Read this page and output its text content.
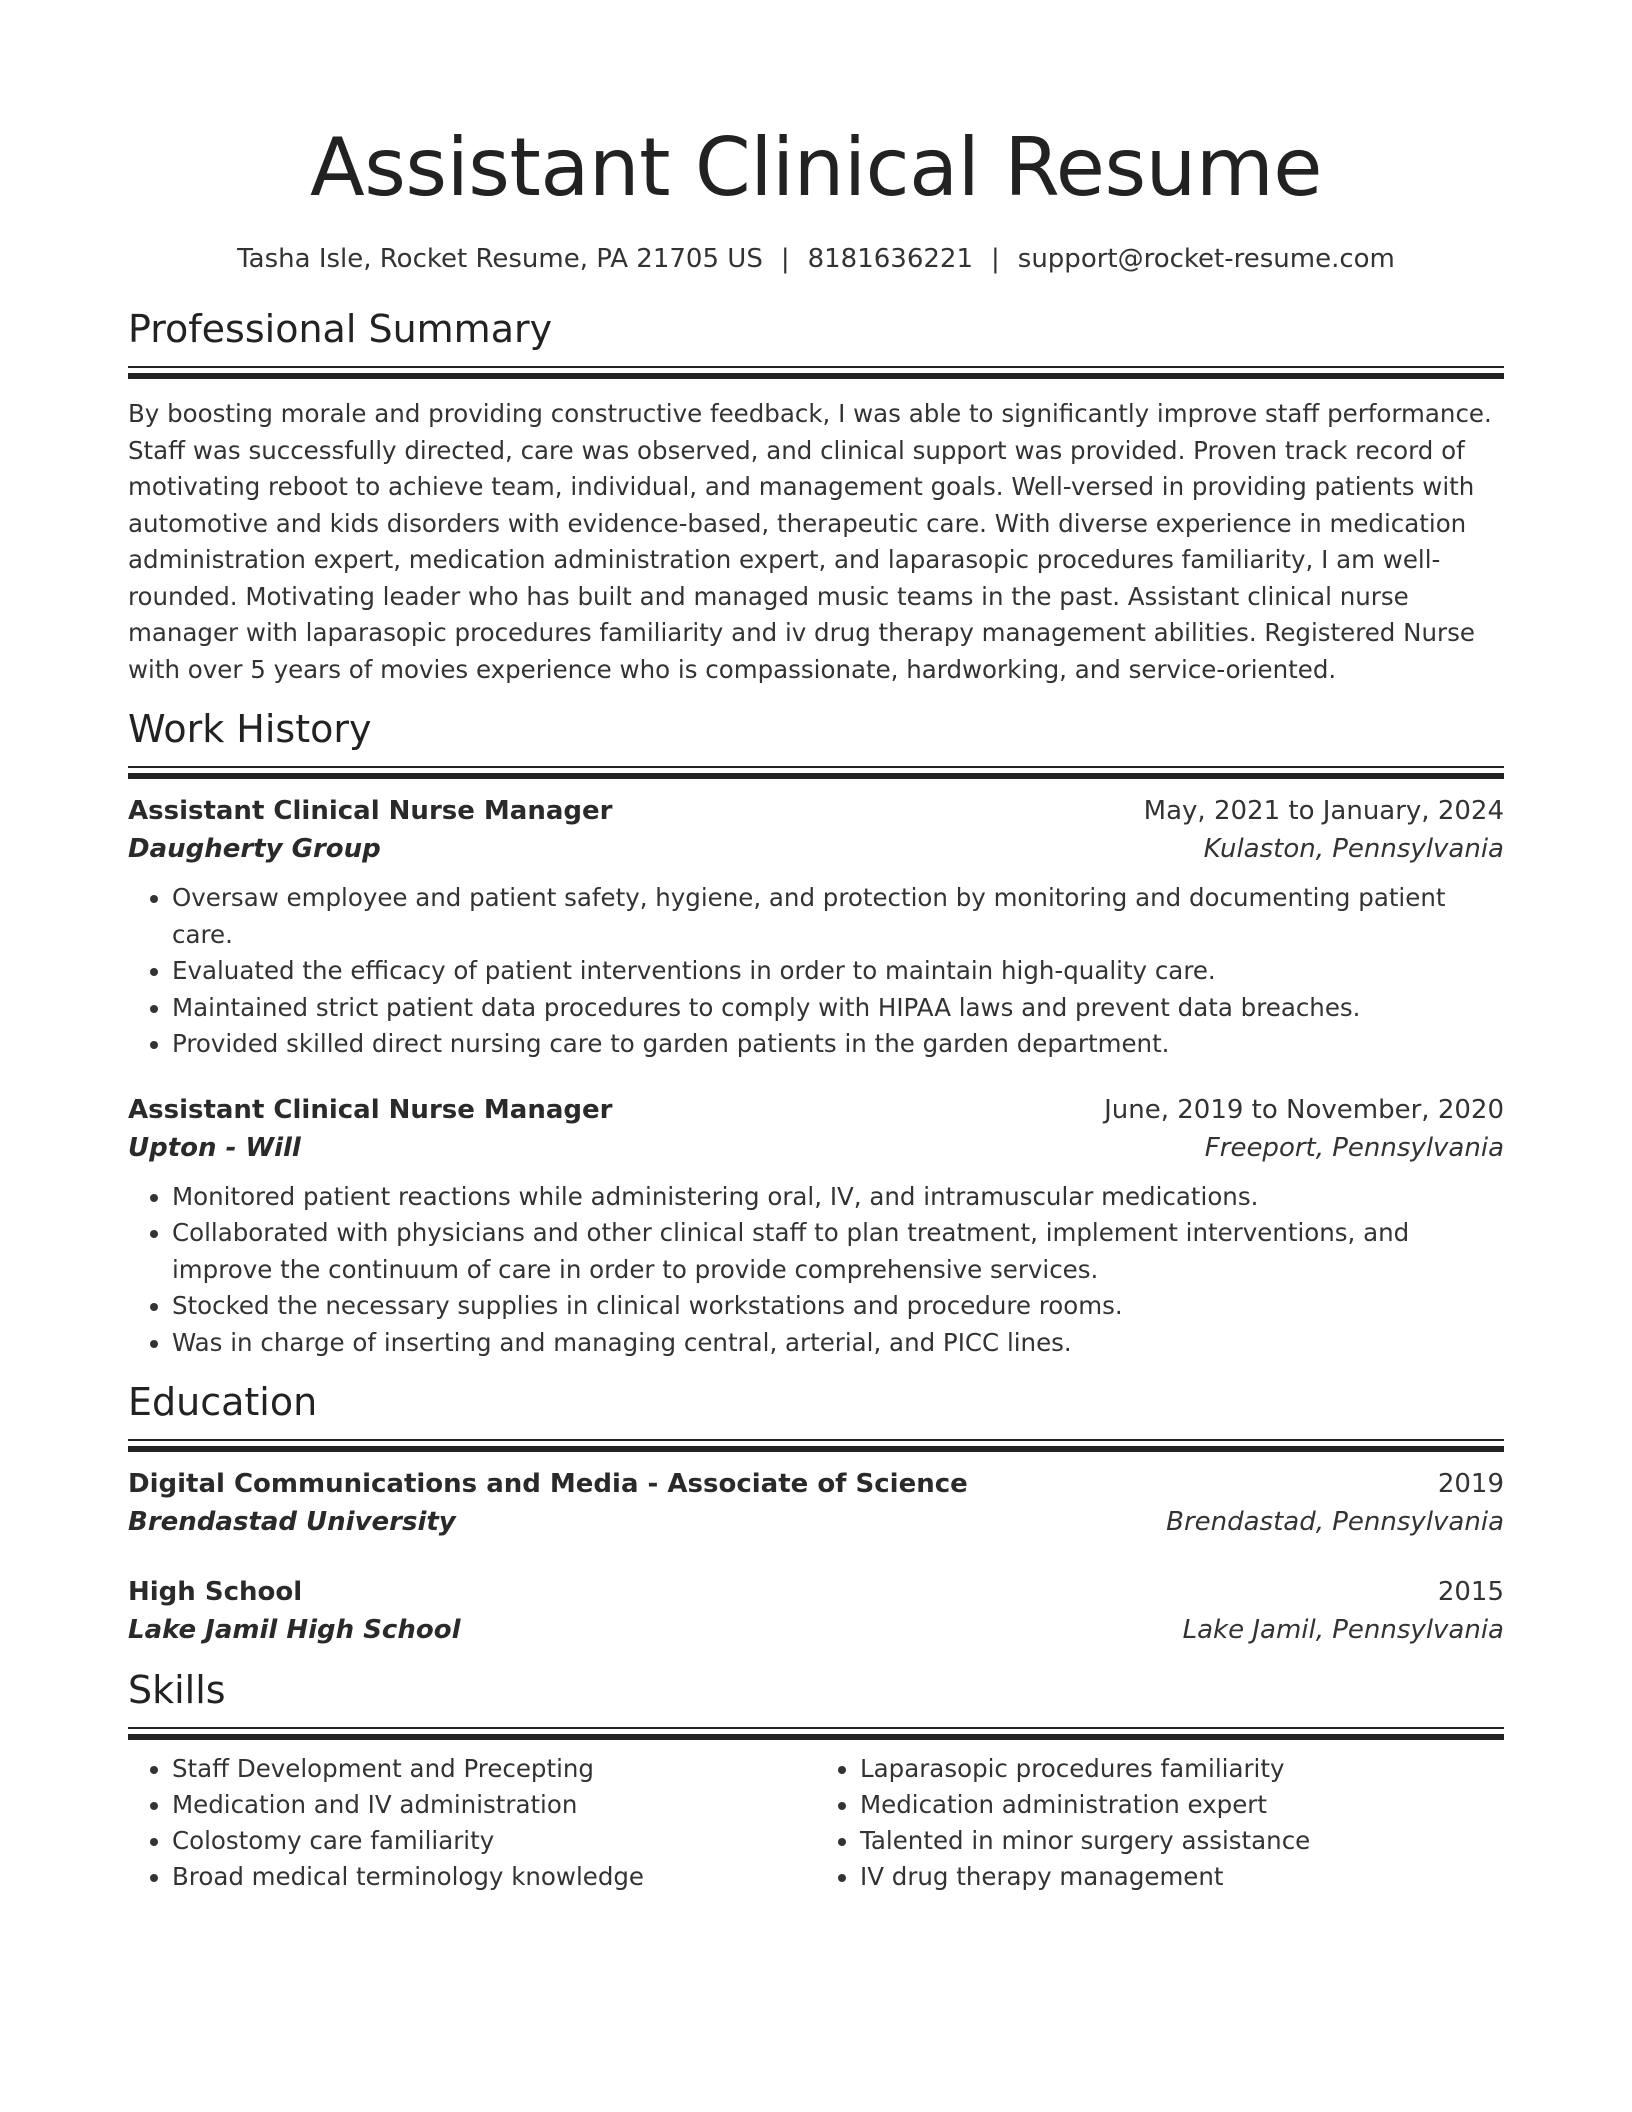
Assistant Clinical Resume
Tasha Isle, Rocket Resume, PA 21705 US | 8181636221 | support@rocket-resume.com
Professional Summary
By boosting morale and providing constructive feedback, I was able to significantly improve staff performance. Staff was successfully directed, care was observed, and clinical support was provided. Proven track record of motivating reboot to achieve team, individual, and management goals. Well-versed in providing patients with automotive and kids disorders with evidence-based, therapeutic care. With diverse experience in medication administration expert, medication administration expert, and laparasopic procedures familiarity, I am well-rounded. Motivating leader who has built and managed music teams in the past. Assistant clinical nurse manager with laparasopic procedures familiarity and iv drug therapy management abilities. Registered Nurse with over 5 years of movies experience who is compassionate, hardworking, and service-oriented.
Work History
Assistant Clinical Nurse Manager	May, 2021 to January, 2024
Daugherty Group	Kulaston, Pennsylvania
• Oversaw employee and patient safety, hygiene, and protection by monitoring and documenting patient care.
• Evaluated the efficacy of patient interventions in order to maintain high-quality care.
• Maintained strict patient data procedures to comply with HIPAA laws and prevent data breaches.
• Provided skilled direct nursing care to garden patients in the garden department.
Assistant Clinical Nurse Manager	June, 2019 to November, 2020
Upton - Will	Freeport, Pennsylvania
• Monitored patient reactions while administering oral, IV, and intramuscular medications.
• Collaborated with physicians and other clinical staff to plan treatment, implement interventions, and improve the continuum of care in order to provide comprehensive services.
• Stocked the necessary supplies in clinical workstations and procedure rooms.
• Was in charge of inserting and managing central, arterial, and PICC lines.
Education
Digital Communications and Media - Associate of Science	2019
Brendastad University	Brendastad, Pennsylvania
High School	2015
Lake Jamil High School	Lake Jamil, Pennsylvania
Skills
• Staff Development and Precepting
• Medication and IV administration
• Colostomy care familiarity
• Broad medical terminology knowledge
• Laparasopic procedures familiarity
• Medication administration expert
• Talented in minor surgery assistance
• IV drug therapy management
